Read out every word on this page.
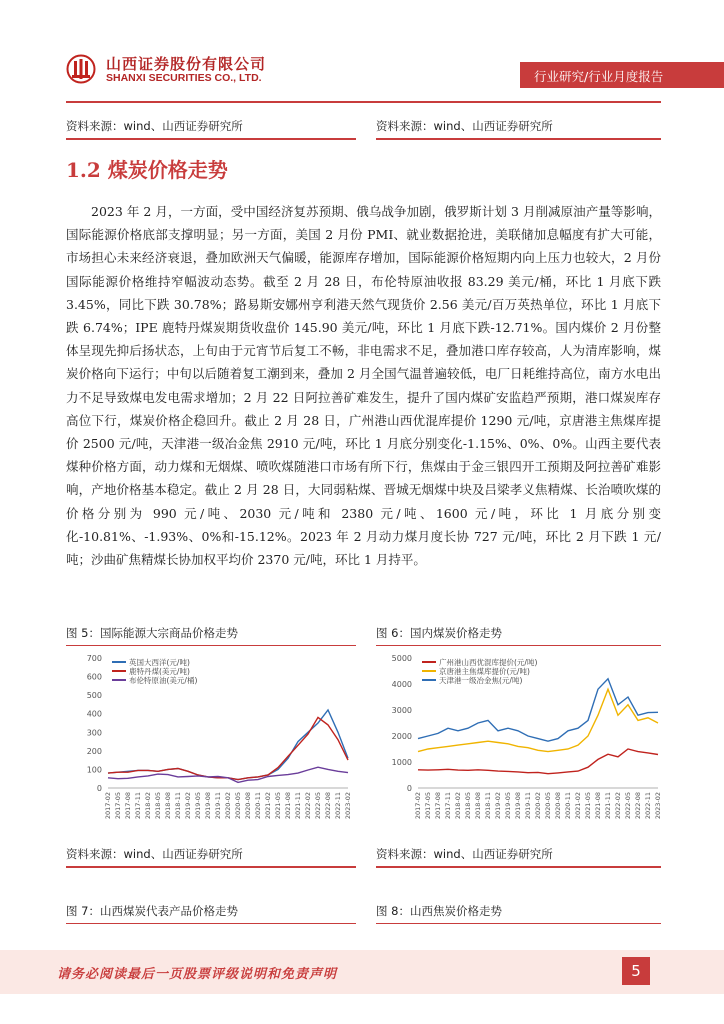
山西证券股份有限公司
SHANXI SECURITIES CO., LTD.	行业研究/行业月度报告
资料来源：wind、山西证券研究所	资料来源：wind、山西证券研究所
1.2 煤炭价格走势

2023 年 2 月，一方面，受中国经济复苏预期、俄乌战争加剧，俄罗斯计划 3 月削减原油产量等影响，国际能源价格底部支撑明显；另一方面，美国 2 月份 PMI、就业数据抢进，美联储加息幅度有扩大可能，市场担心未来经济衰退，叠加欧洲天气偏暖，能源库存增加，国际能源价格短期内向上压力也较大，2 月份国际能源价格维持窄幅波动态势。截至 2 月 28 日，布伦特原油收报 83.29 美元/桶，环比 1 月底下跌 3.45%，同比下跌 30.78%；路易斯安娜州亨利港天然气现货价 2.56 美元/百万英热单位，环比 1 月底下跌 6.74%；IPE 鹿特丹煤炭期货收盘价 145.90 美元/吨，环比 1 月底下跌-12.71%。国内煤价 2 月份整体呈现先抑后扬状态，上旬由于元宵节后复工不畅，非电需求不足，叠加港口库存较高，人为清库影响，煤炭价格向下运行；中旬以后随着复工潮到来，叠加 2 月全国气温普遍较低，电厂日耗维持高位，南方水电出力不足导致煤电发电需求增加；2 月 22 日阿拉善矿难发生，提升了国内煤矿安监趋严预期，港口煤炭库存高位下行，煤炭价格企稳回升。截止 2 月 28 日，广州港山西优混库提价 1290 元/吨，京唐港主焦煤库提价 2500 元/吨，天津港一级冶金焦 2910 元/吨，环比 1 月底分别变化-1.15%、0%、0%。山西主要代表煤种价格方面，动力煤和无烟煤、喷吹煤随港口市场有所下行，焦煤由于金三银四开工预期及阿拉善矿难影响，产地价格基本稳定。截止 2 月 28 日，大同弱粘煤、晋城无烟煤中块及吕梁孝义焦精煤、长治喷吹煤的价格分别为 990 元/吨、2030 元/吨和 2380 元/吨、1600 元/吨，环比 1 月底分别变化-10.81%、-1.93%、0%和-15.12%。2023 年 2 月动力煤月度长协 727 元/吨，环比 2 月下跌 1 元/吨；沙曲矿焦精煤长协加权平均价 2370 元/吨，环比 1 月持平。

图 5：国际能源大宗商品价格走势	图 6：国内煤炭价格走势
0
100
200
300
400
500
600
700
2017-02 2017-05 2017-08 2017-11 2018-02 2018-05 2018-08 2018-11 2019-02 2019-05 2019-08 2019-11 2020-02 2020-05 2020-08 2020-11 2021-02 2021-05 2021-08 2021-11 2022-02 2022-05 2022-08 2022-11 2023-02
英国大西洋(元/吨)
鹿特丹煤(美元/吨)
布伦特原油(美元/桶)
0
1000
2000
3000
4000
5000
2017-02 2017-05 2017-08 2017-11 2018-02 2018-05 2018-08 2018-11 2019-02 2019-05 2019-08 2019-11 2020-02 2020-05 2020-08 2020-11 2021-02 2021-05 2021-08 2021-11 2022-02 2022-05 2022-08 2022-11 2023-02
广州港山西优混库提价(元/吨)
京唐港主焦煤库提价(元/吨)
天津港一级冶金焦(元/吨)
资料来源：wind、山西证券研究所	资料来源：wind、山西证券研究所
图 7：山西煤炭代表产品价格走势	图 8：山西焦炭价格走势
请务必阅读最后一页股票评级说明和免责声明	5
